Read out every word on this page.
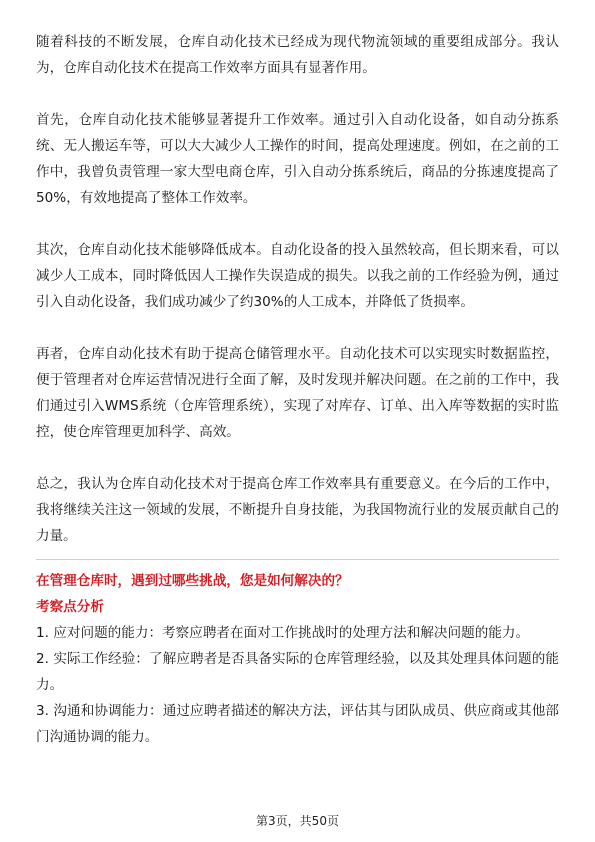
随着科技的不断发展，仓库自动化技术已经成为现代物流领域的重要组成部分。我认为，仓库自动化技术在提高工作效率方面具有显著作用。

首先，仓库自动化技术能够显著提升工作效率。通过引入自动化设备，如自动分拣系统、无人搬运车等，可以大大减少人工操作的时间，提高处理速度。例如，在之前的工作中，我曾负责管理一家大型电商仓库，引入自动分拣系统后，商品的分拣速度提高了50%，有效地提高了整体工作效率。

其次，仓库自动化技术能够降低成本。自动化设备的投入虽然较高，但长期来看，可以减少人工成本，同时降低因人工操作失误造成的损失。以我之前的工作经验为例，通过引入自动化设备，我们成功减少了约30%的人工成本，并降低了货损率。

再者，仓库自动化技术有助于提高仓储管理水平。自动化技术可以实现实时数据监控，便于管理者对仓库运营情况进行全面了解，及时发现并解决问题。在之前的工作中，我们通过引入WMS系统（仓库管理系统），实现了对库存、订单、出入库等数据的实时监控，使仓库管理更加科学、高效。

总之，我认为仓库自动化技术对于提高仓库工作效率具有重要意义。在今后的工作中，我将继续关注这一领域的发展，不断提升自身技能，为我国物流行业的发展贡献自己的力量。

在管理仓库时，遇到过哪些挑战，您是如何解决的？

考察点分析

1. 应对问题的能力：考察应聘者在面对工作挑战时的处理方法和解决问题的能力。
2. 实际工作经验：了解应聘者是否具备实际的仓库管理经验，以及其处理具体问题的能力。
3. 沟通和协调能力：通过应聘者描述的解决方法，评估其与团队成员、供应商或其他部门沟通协调的能力。
第3页，共50页
